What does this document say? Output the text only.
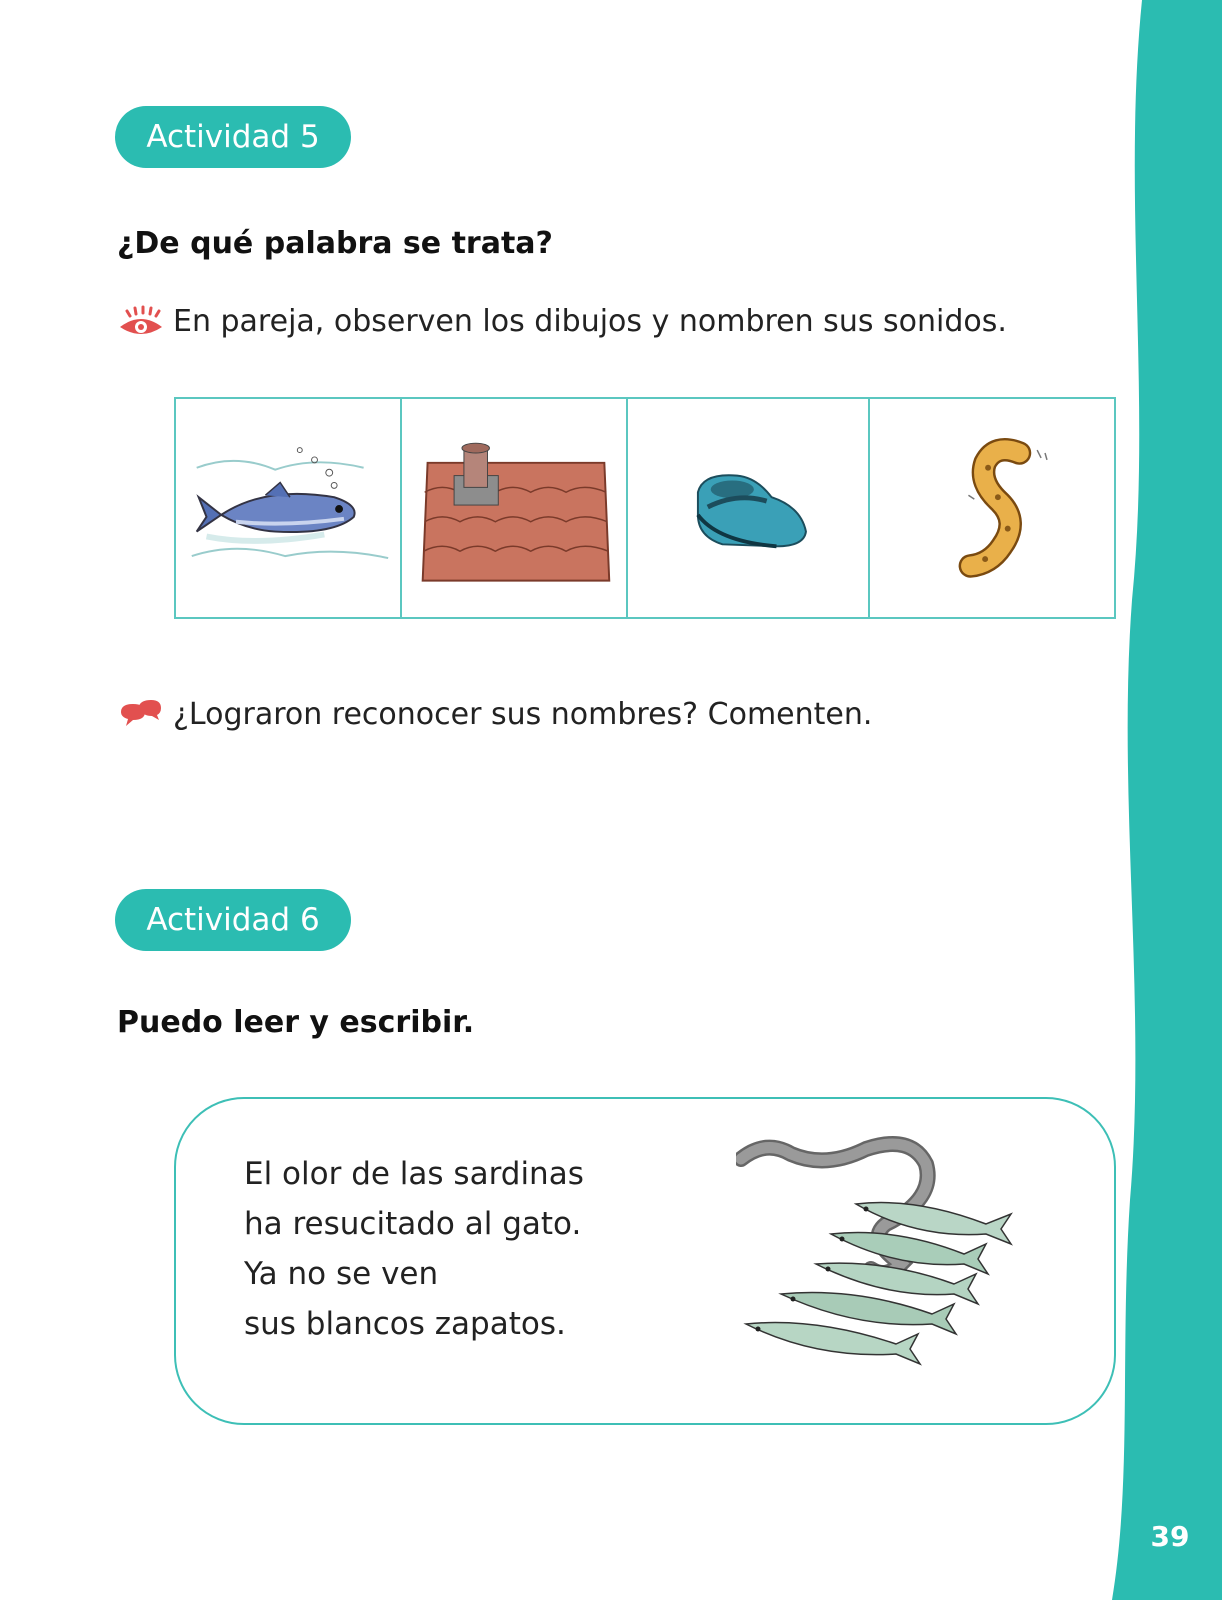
39
Actividad 5
¿De qué palabra se trata?
En pareja, observen los dibujos y nombren sus sonidos.
¿Lograron reconocer sus nombres? Comenten.
Actividad 6
Puedo leer y escribir.
El olor de las sardinas
ha resucitado al gato.
Ya no se ven
sus blancos zapatos.
